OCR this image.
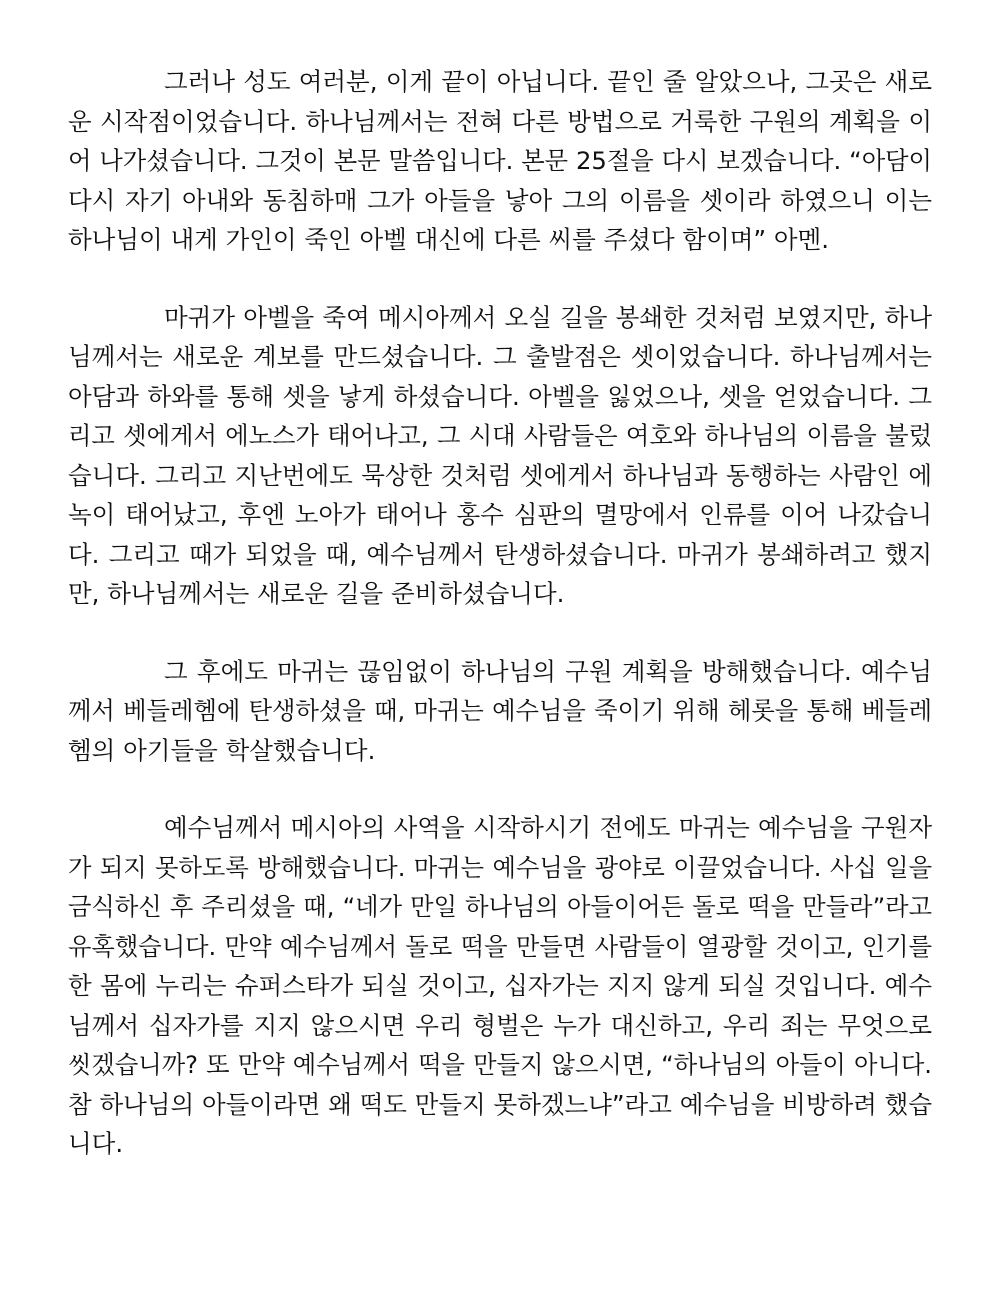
그러나 성도 여러분, 이게 끝이 아닙니다. 끝인 줄 알았으나, 그곳은 새로
운 시작점이었습니다. 하나님께서는 전혀 다른 방법으로 거룩한 구원의 계획을 이
어 나가셨습니다. 그것이 본문 말씀입니다. 본문 25절을 다시 보겠습니다. “아담이
다시 자기 아내와 동침하매 그가 아들을 낳아 그의 이름을 셋이라 하였으니 이는
하나님이 내게 가인이 죽인 아벨 대신에 다른 씨를 주셨다 함이며” 아멘.
마귀가 아벨을 죽여 메시아께서 오실 길을 봉쇄한 것처럼 보였지만, 하나
님께서는 새로운 계보를 만드셨습니다. 그 출발점은 셋이었습니다. 하나님께서는
아담과 하와를 통해 셋을 낳게 하셨습니다. 아벨을 잃었으나, 셋을 얻었습니다. 그
리고 셋에게서 에노스가 태어나고, 그 시대 사람들은 여호와 하나님의 이름을 불렀
습니다. 그리고 지난번에도 묵상한 것처럼 셋에게서 하나님과 동행하는 사람인 에
녹이 태어났고, 후엔 노아가 태어나 홍수 심판의 멸망에서 인류를 이어 나갔습니
다. 그리고 때가 되었을 때, 예수님께서 탄생하셨습니다. 마귀가 봉쇄하려고 했지
만, 하나님께서는 새로운 길을 준비하셨습니다.
그 후에도 마귀는 끊임없이 하나님의 구원 계획을 방해했습니다. 예수님
께서 베들레헴에 탄생하셨을 때, 마귀는 예수님을 죽이기 위해 헤롯을 통해 베들레
헴의 아기들을 학살했습니다.
예수님께서 메시아의 사역을 시작하시기 전에도 마귀는 예수님을 구원자
가 되지 못하도록 방해했습니다. 마귀는 예수님을 광야로 이끌었습니다. 사십 일을
금식하신 후 주리셨을 때, “네가 만일 하나님의 아들이어든 돌로 떡을 만들라”라고
유혹했습니다. 만약 예수님께서 돌로 떡을 만들면 사람들이 열광할 것이고, 인기를
한 몸에 누리는 슈퍼스타가 되실 것이고, 십자가는 지지 않게 되실 것입니다. 예수
님께서 십자가를 지지 않으시면 우리 형벌은 누가 대신하고, 우리 죄는 무엇으로
씻겠습니까? 또 만약 예수님께서 떡을 만들지 않으시면, “하나님의 아들이 아니다.
참 하나님의 아들이라면 왜 떡도 만들지 못하겠느냐”라고 예수님을 비방하려 했습
니다.
